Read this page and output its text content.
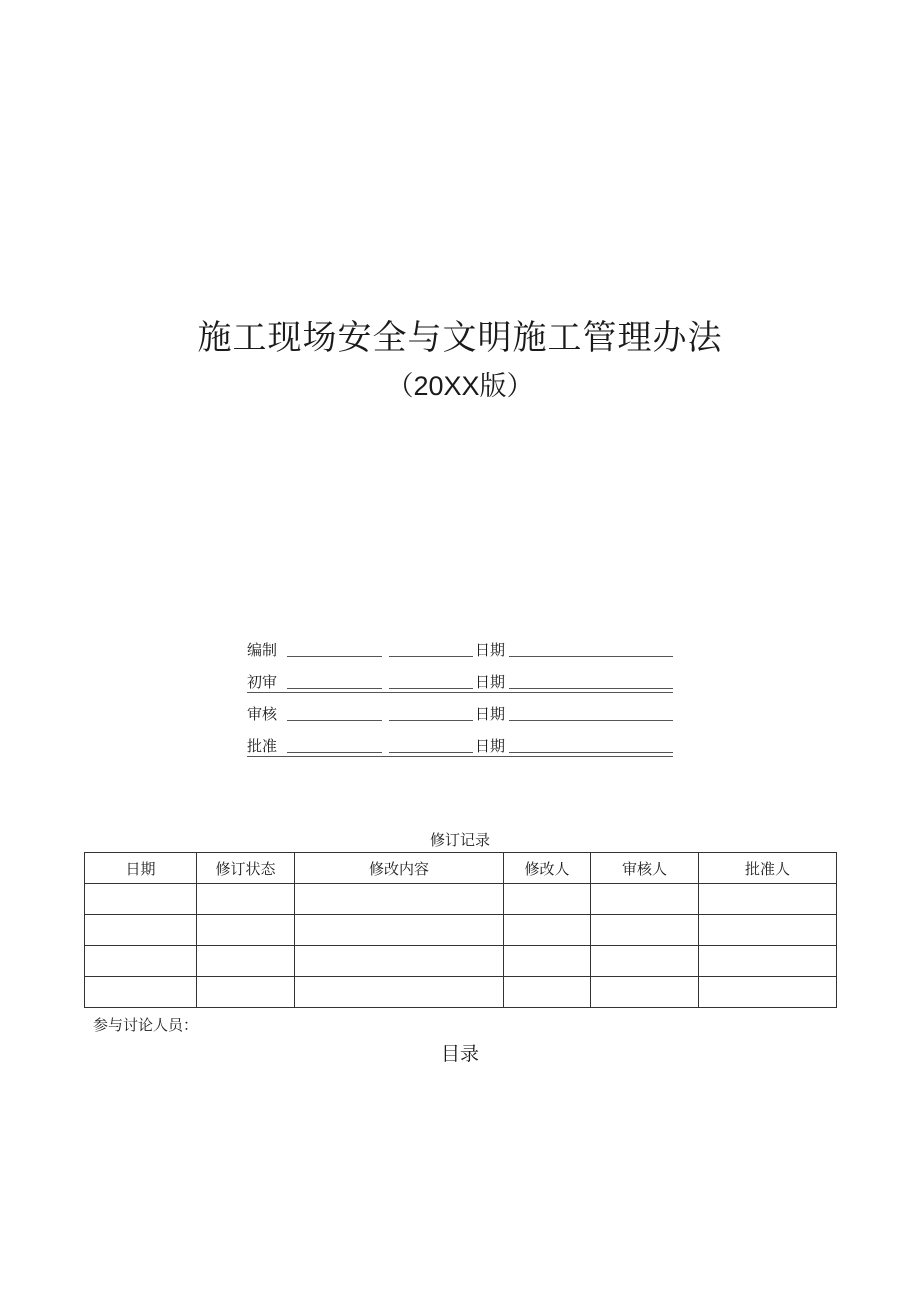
施工现场安全与文明施工管理办法
（20XX版）
编制	日期
初审	日期
审核	日期
批准	日期
修订记录
日期	修订状态	修改内容	修改人	审核人	批准人

参与讨论人员：
目录
